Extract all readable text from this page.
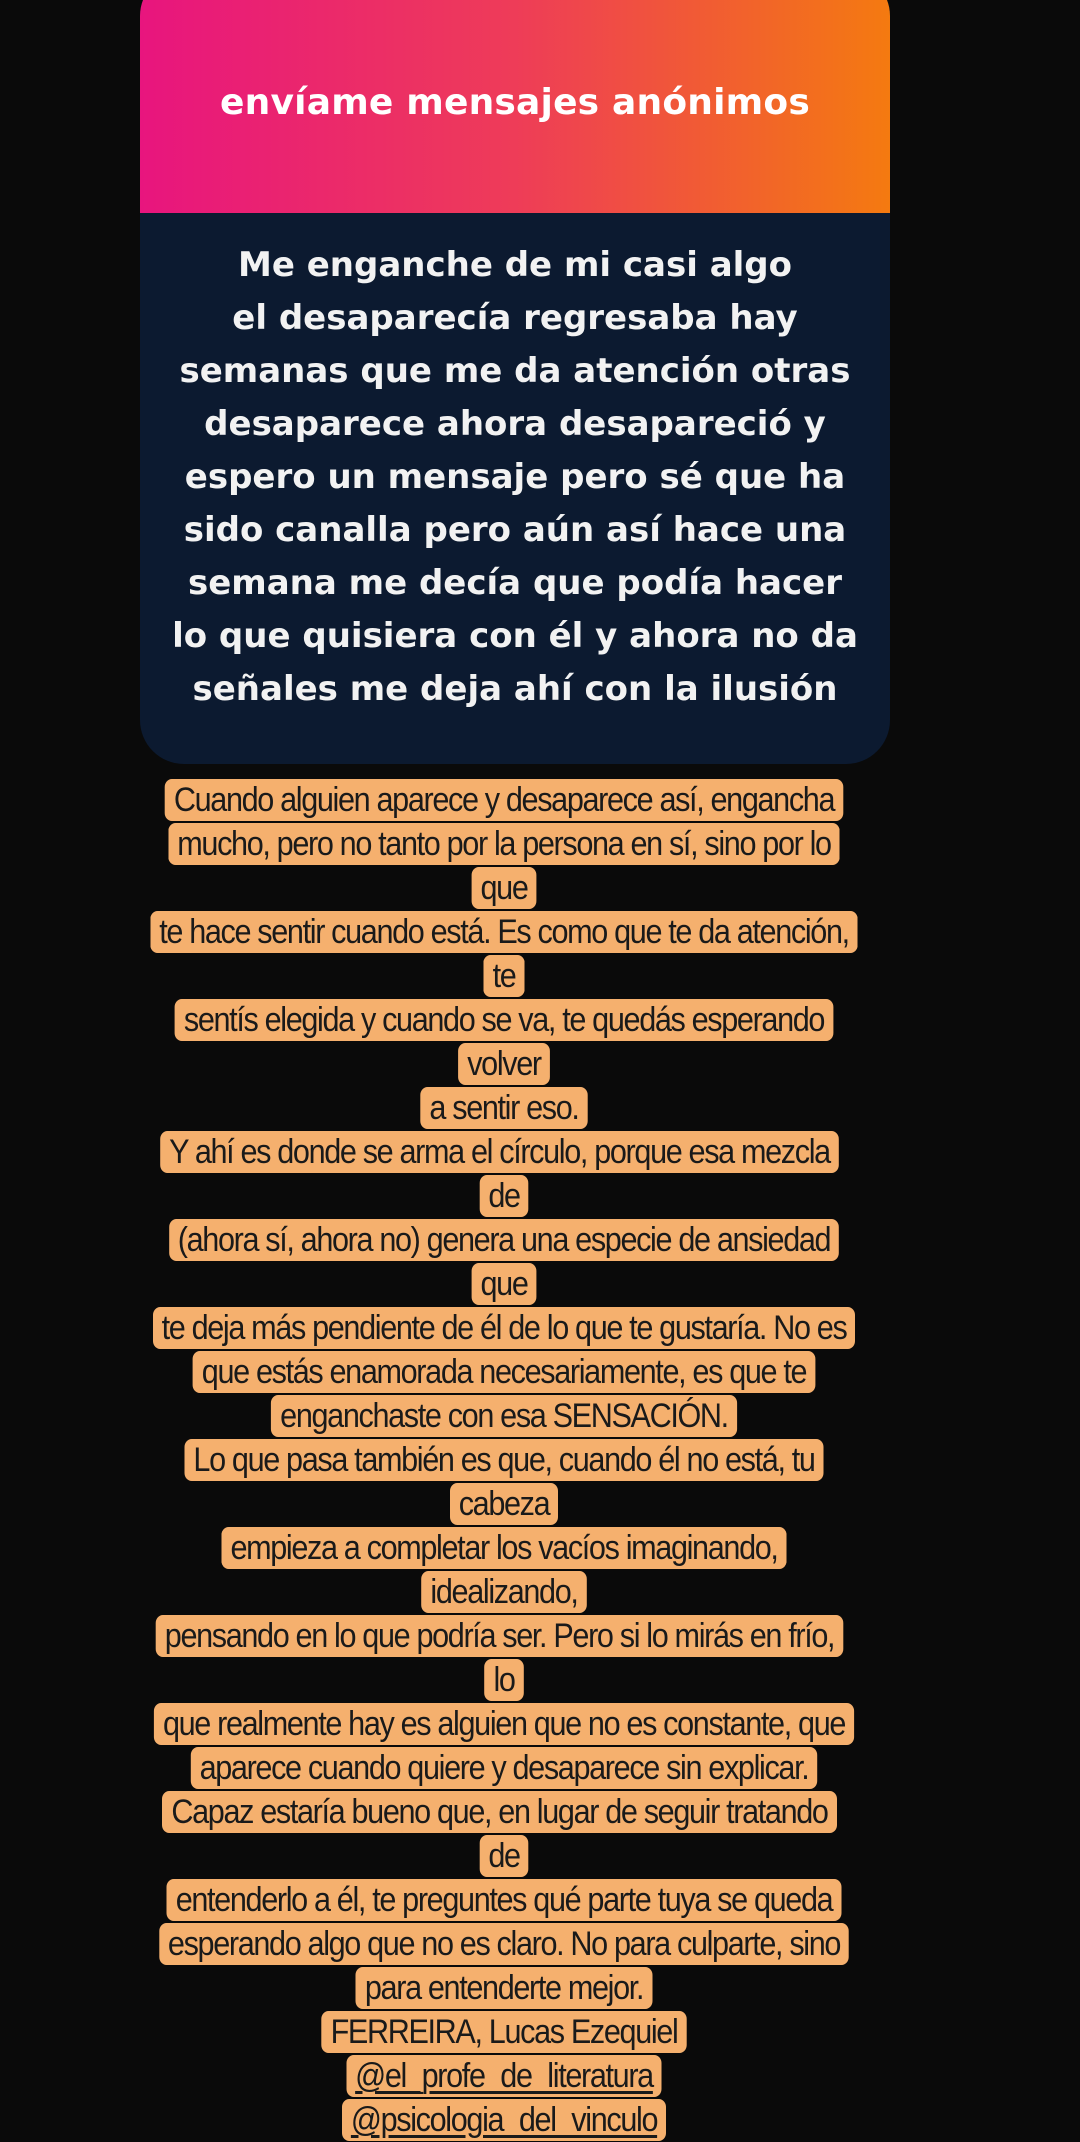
envíame mensajes anónimos

Me enganche de mi casi algo

el desaparecía regresaba hay

semanas que me da atención otras

desaparece ahora desapareció y

espero un mensaje pero sé que ha

sido canalla pero aún así hace una

semana me decía que podía hacer

lo que quisiera con él y ahora no da

señales me deja ahí con la ilusión

Cuando alguien aparece y desaparece así, engancha
mucho, pero no tanto por la persona en sí, sino por lo que
te hace sentir cuando está. Es como que te da atención, te
sentís elegida y cuando se va, te quedás esperando volver
a sentir eso.
Y ahí es donde se arma el círculo, porque esa mezcla de
(ahora sí, ahora no) genera una especie de ansiedad que
te deja más pendiente de él de lo que te gustaría. No es
que estás enamorada necesariamente, es que te
enganchaste con esa SENSACIÓN.
Lo que pasa también es que, cuando él no está, tu cabeza
empieza a completar los vacíos imaginando, idealizando,
pensando en lo que podría ser. Pero si lo mirás en frío, lo
que realmente hay es alguien que no es constante, que
aparece cuando quiere y desaparece sin explicar.
Capaz estaría bueno que, en lugar de seguir tratando de
entenderlo a él, te preguntes qué parte tuya se queda
esperando algo que no es claro. No para culparte, sino
para entenderte mejor.
FERREIRA, Lucas Ezequiel
@el_profe_de_literatura
@psicologia_del_vinculo
